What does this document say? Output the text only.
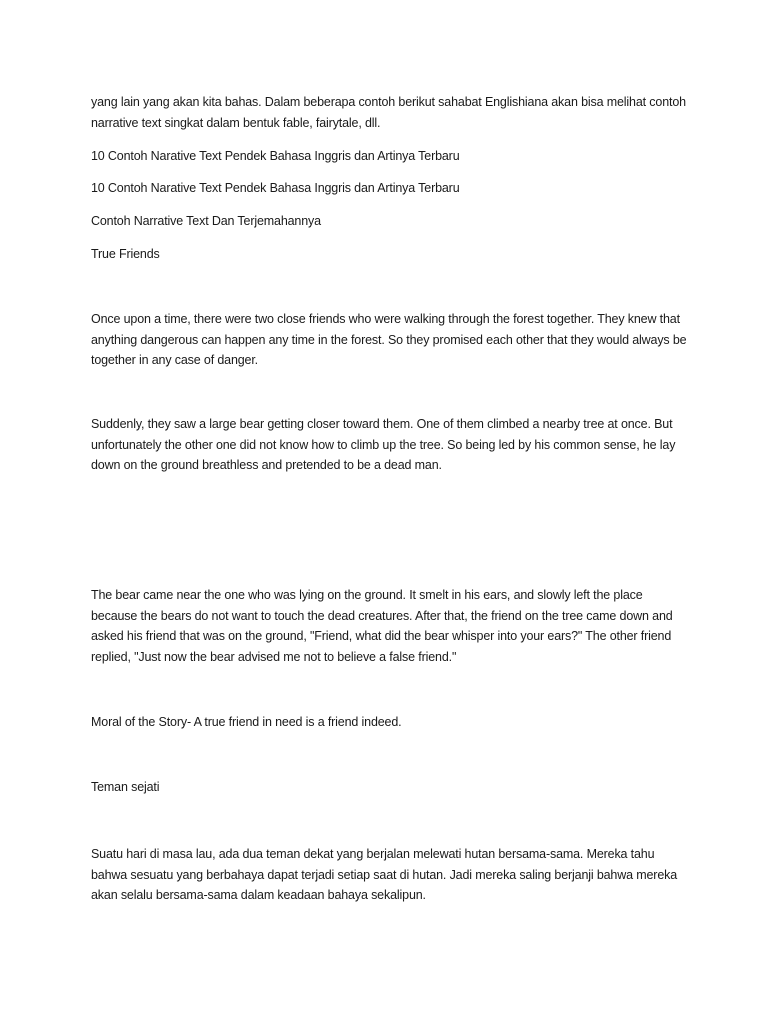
yang lain yang akan kita bahas. Dalam beberapa contoh berikut sahabat Englishiana akan bisa melihat contoh narrative text singkat dalam bentuk fable, fairytale, dll.

10 Contoh Narative Text Pendek Bahasa Inggris dan Artinya Terbaru

10 Contoh Narative Text Pendek Bahasa Inggris dan Artinya Terbaru

Contoh Narrative Text Dan Terjemahannya

True Friends

Once upon a time, there were two close friends who were walking through the forest together. They knew that anything dangerous can happen any time in the forest. So they promised each other that they would always be together in any case of danger.

Suddenly, they saw a large bear getting closer toward them. One of them climbed a nearby tree at once. But unfortunately the other one did not know how to climb up the tree. So being led by his common sense, he lay down on the ground breathless and pretended to be a dead man.

The bear came near the one who was lying on the ground. It smelt in his ears, and slowly left the place because the bears do not want to touch the dead creatures. After that, the friend on the tree came down and asked his friend that was on the ground, "Friend, what did the bear whisper into your ears?" The other friend replied, "Just now the bear advised me not to believe a false friend."

Moral of the Story- A true friend in need is a friend indeed.

Teman sejati

Suatu hari di masa lau, ada dua teman dekat yang berjalan melewati hutan bersama-sama. Mereka tahu bahwa sesuatu yang berbahaya dapat terjadi setiap saat di hutan. Jadi mereka saling berjanji bahwa mereka akan selalu bersama-sama dalam keadaan bahaya sekalipun.
